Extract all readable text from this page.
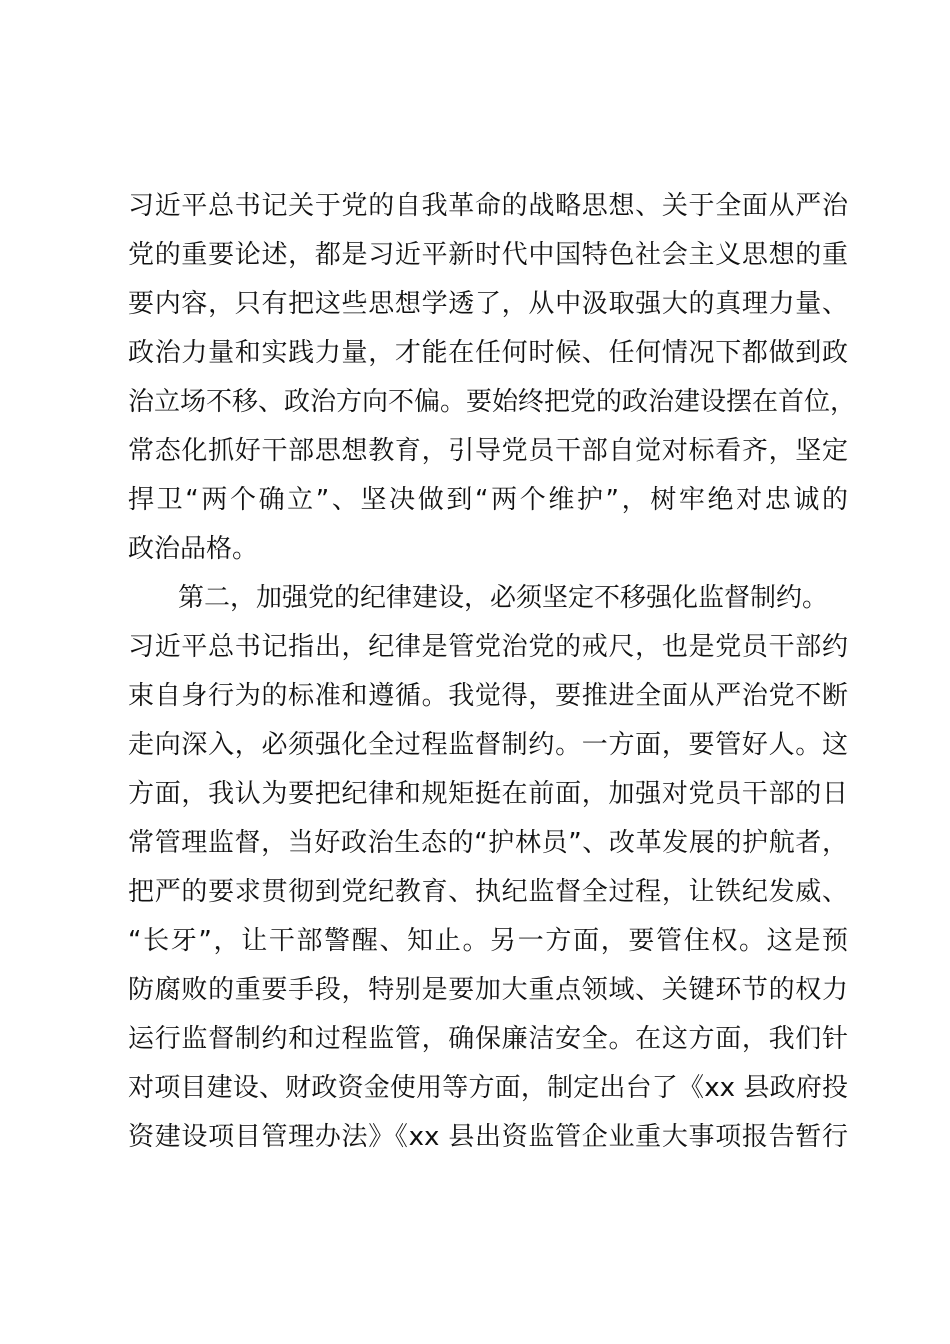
习近平总书记关于党的自我革命的战略思想、关于全面从严治
党的重要论述，都是习近平新时代中国特色社会主义思想的重
要内容，只有把这些思想学透了，从中汲取强大的真理力量、
政治力量和实践力量，才能在任何时候、任何情况下都做到政
治立场不移、政治方向不偏。要始终把党的政治建设摆在首位，
常态化抓好干部思想教育，引导党员干部自觉对标看齐，坚定
捍卫“两个确立”、坚决做到“两个维护”，树牢绝对忠诚的
政治品格。
第二，加强党的纪律建设，必须坚定不移强化监督制约。
习近平总书记指出，纪律是管党治党的戒尺，也是党员干部约
束自身行为的标准和遵循。我觉得，要推进全面从严治党不断
走向深入，必须强化全过程监督制约。一方面，要管好人。这
方面，我认为要把纪律和规矩挺在前面，加强对党员干部的日
常管理监督，当好政治生态的“护林员”、改革发展的护航者，
把严的要求贯彻到党纪教育、执纪监督全过程，让铁纪发威、
“长牙”，让干部警醒、知止。另一方面，要管住权。这是预
防腐败的重要手段，特别是要加大重点领域、关键环节的权力
运行监督制约和过程监管，确保廉洁安全。在这方面，我们针
对项目建设、财政资金使用等方面，制定出台了《xx 县政府投
资建设项目管理办法》《xx 县出资监管企业重大事项报告暂行
